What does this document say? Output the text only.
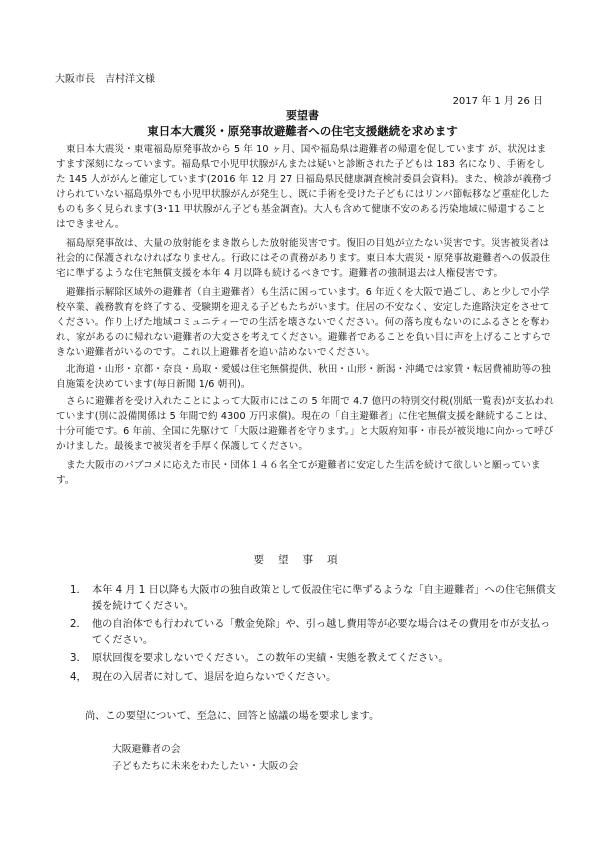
大阪市長　吉村洋文様
2017 年 1 月 26 日
要望書
東日本大震災・原発事故避難者への住宅支援継続を求めます

東日本大震災・東電福島原発事故から 5 年 10 ヶ月、国や福島県は避難者の帰還を促しています が、状況はますます深刻になっています。福島県で小児甲状腺がんまたは疑いと診断された子どもは 183 名になり、手術をした 145 人ががんと確定しています(2016 年 12 月 27 日福島県民健康調査検討委員会資料)。また、検診が義務づけられていない福島県外でも小児甲状腺がんが発生し、既に手術を受けた子どもにはリンパ節転移など重症化したものも多く見られます(3･11 甲状腺がん子ども基金調査)。大人も含めて健康不安のある汚染地域に帰還することはできません。

福島原発事故は、大量の放射能をまき散らした放射能災害です。復旧の目処が立たない災害です。災害被災者は社会的に保護されなければなりません。行政にはその責務があります。東日本大震災・原発事故避難者への仮設住宅に準ずるような住宅無償支援を本年 4 月以降も続けるべきです。避難者の強制退去は人権侵害です。

避難指示解除区域外の避難者（自主避難者）も生活に困っています。6 年近くを大阪で過ごし、あと少しで小学校卒業、義務教育を終了する、受験期を迎える子どもたちがいます。住居の不安なく、安定した進路決定をさせてください。作り上げた地域コミュニティーでの生活を壊さないでください。何の落ち度もないのにふるさとを奪われ、家があるのに帰れない避難者の大変さを考えてください。避難者であることを負い目に声を上げることすらできない避難者がいるのです。これ以上避難者を追い詰めないでください。

北海道・山形・京都・奈良・鳥取・愛媛は住宅無償提供、秋田・山形・新潟・沖縄では家賃・転居費補助等の独自施策を決めています(毎日新聞 1/6 朝刊)。

さらに避難者を受け入れたことによって大阪市にはこの 5 年間で 4.7 億円の特別交付税(別紙一覧表)が支払われています(別に設備関係は 5 年間で約 4300 万円求償)。現在の「自主避難者」に住宅無償支援を継続することは、十分可能です。6 年前、全国に先駆けて「大阪は避難者を守ります。」と大阪府知事・市長が被災地に向かって呼びかけました。最後まで被災者を手厚く保護してください。

また大阪市のパブコメに応えた市民・団体１４６名全てが避難者に安定した生活を続けて欲しいと願っています。

要望事項
1． 本年 4 月 1 日以降も大阪市の独自政策として仮設住宅に準ずるような「自主避難者」への住宅無償支援を続けてください。
2． 他の自治体でも行われている「敷金免除」や、引っ越し費用等が必要な場合はその費用を市が支払ってください。
3． 原状回復を要求しないでください。この数年の実績・実態を教えてください。
4， 現在の入居者に対して、退居を迫らないでください。
尚、この要望について、至急に、回答と協議の場を要求します。
大阪避難者の会
子どもたちに未来をわたしたい・大阪の会
